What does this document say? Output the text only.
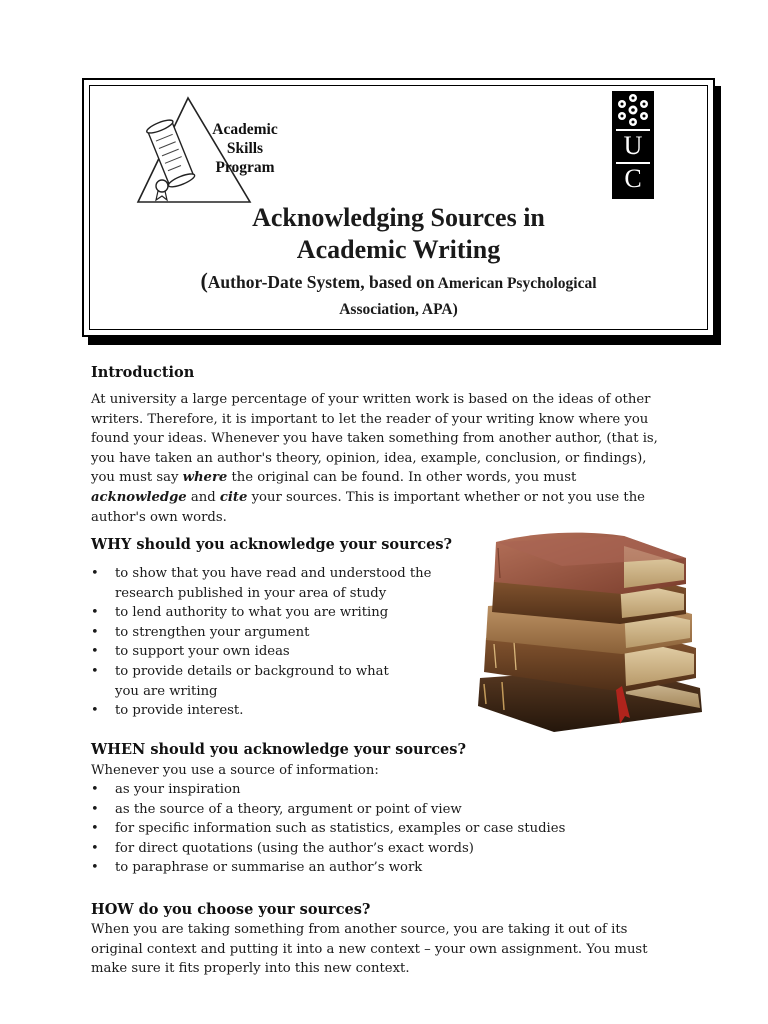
Academic
Skills
Program
U
C
Acknowledging Sources in
Academic Writing
(Author-Date System, based on American Psychological
Association, APA)
Introduction
At university a large percentage of your written work is based on the ideas of other
writers. Therefore, it is important to let the reader of your writing know where you
found your ideas. Whenever you have taken something from another author, (that is,
you have taken an author's theory, opinion, idea, example, conclusion, or findings),
you must say where the original can be found. In other words, you must
acknowledge and cite your sources. This is important whether or not you use the
author's own words.
WHY should you acknowledge your sources?
• to show that you have read and understood the
research published in your area of study
• to lend authority to what you are writing
• to strengthen your argument
• to support your own ideas
• to provide details or background to what
you are writing
• to provide interest.
WHEN should you acknowledge your sources?
Whenever you use a source of information:
• as your inspiration
• as the source of a theory, argument or point of view
• for specific information such as statistics, examples or case studies
• for direct quotations (using the author’s exact words)
• to paraphrase or summarise an author’s work
HOW do you choose your sources?
When you are taking something from another source, you are taking it out of its
original context and putting it into a new context – your own assignment. You must
make sure it fits properly into this new context.
